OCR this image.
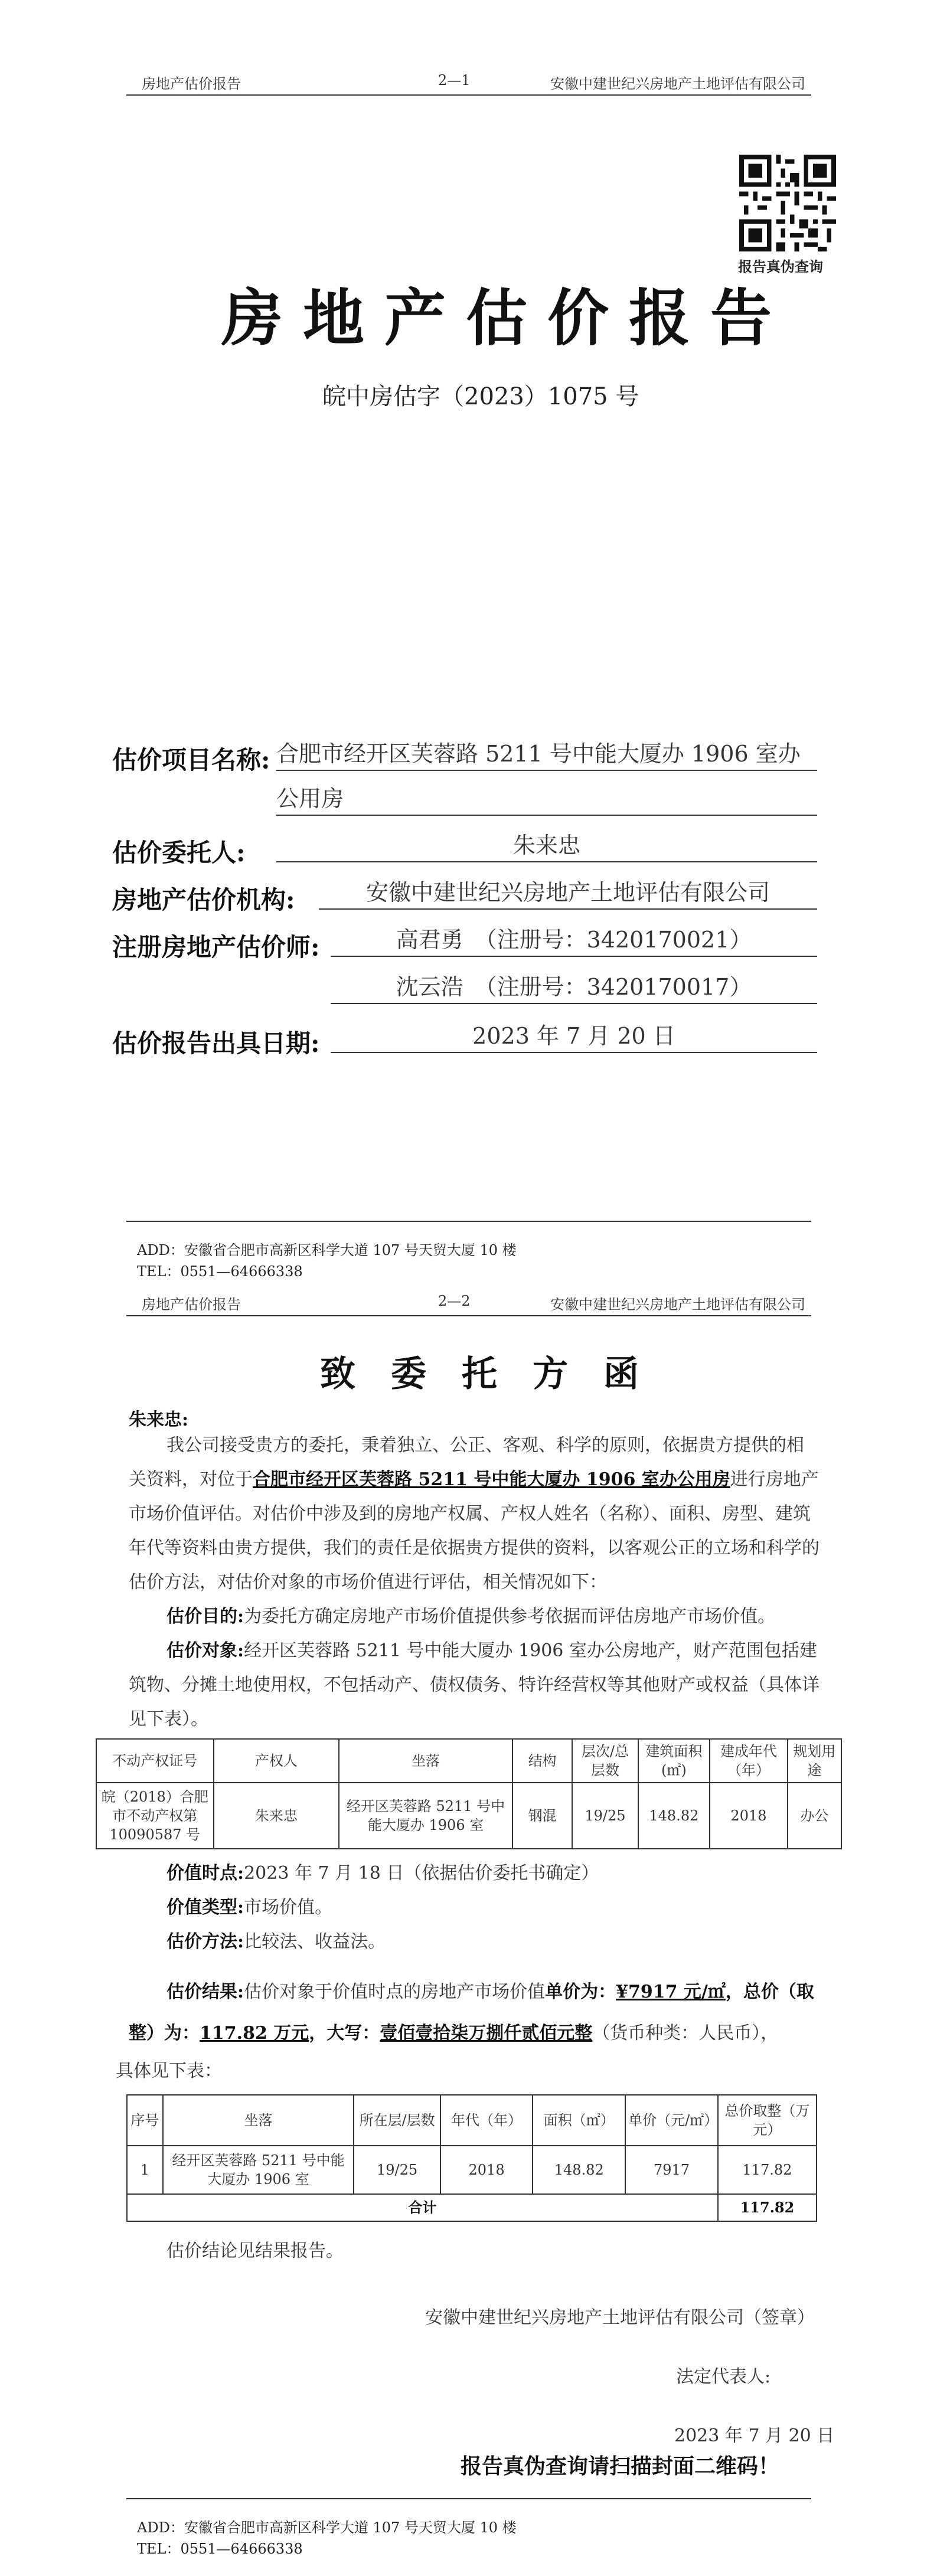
房地产估价报告	2—1	安徽中建世纪兴房地产土地评估有限公司
报告真伪查询
房地产估价报告
皖中房估字（2023）1075 号
估价项目名称: 合肥市经开区芙蓉路 5211 号中能大厦办 1906 室办
公用房
估价委托人:	朱来忠
房地产估价机构:	安徽中建世纪兴房地产土地评估有限公司
注册房地产估价师:	高君勇　（注册号：3420170021）
沈云浩　（注册号：3420170017）
估价报告出具日期:	2023 年 7 月 20 日
ADD：安徽省合肥市高新区科学大道 107 号天贸大厦 10 楼
TEL：0551—64666338
房地产估价报告	2—2	安徽中建世纪兴房地产土地评估有限公司
致委托方函
朱来忠:
我公司接受贵方的委托，秉着独立、公正、客观、科学的原则，依据贵方提供的相关资料，对位于合肥市经开区芙蓉路 5211 号中能大厦办 1906 室办公用房进行房地产市场价值评估。对估价中涉及到的房地产权属、产权人姓名（名称）、面积、房型、建筑年代等资料由贵方提供，我们的责任是依据贵方提供的资料，以客观公正的立场和科学的估价方法，对估价对象的市场价值进行评估，相关情况如下：
估价目的:为委托方确定房地产市场价值提供参考依据而评估房地产市场价值。
估价对象:经开区芙蓉路 5211 号中能大厦办 1906 室办公房地产，财产范围包括建筑物、分摊土地使用权，不包括动产、债权债务、特许经营权等其他财产或权益（具体详见下表）。
不动产权证号	产权人	坐落	结构	层次/总层数	建筑面积(㎡)	建成年代（年）	规划用途
皖（2018）合肥市不动产权第10090587 号	朱来忠	经开区芙蓉路 5211 号中能大厦办 1906 室	钢混	19/25	148.82	2018	办公
价值时点:2023 年 7 月 18 日（依据估价委托书确定）
价值类型:市场价值。
估价方法:比较法、收益法。
估价结果:估价对象于价值时点的房地产市场价值单价为：¥7917 元/㎡，总价（取整）为：117.82 万元，大写：壹佰壹拾柒万捌仟贰佰元整（货币种类：人民币），
具体见下表：
序号	坐落	所在层/层数	年代（年）	面积（㎡）	单价（元/㎡）	总价取整（万元）
1	经开区芙蓉路 5211 号中能大厦办 1906 室	19/25	2018	148.82	7917	117.82
合计						117.82
估价结论见结果报告。
安徽中建世纪兴房地产土地评估有限公司（签章）
法定代表人:
2023 年 7 月 20 日
报告真伪查询请扫描封面二维码！
ADD：安徽省合肥市高新区科学大道 107 号天贸大厦 10 楼
TEL：0551—64666338
